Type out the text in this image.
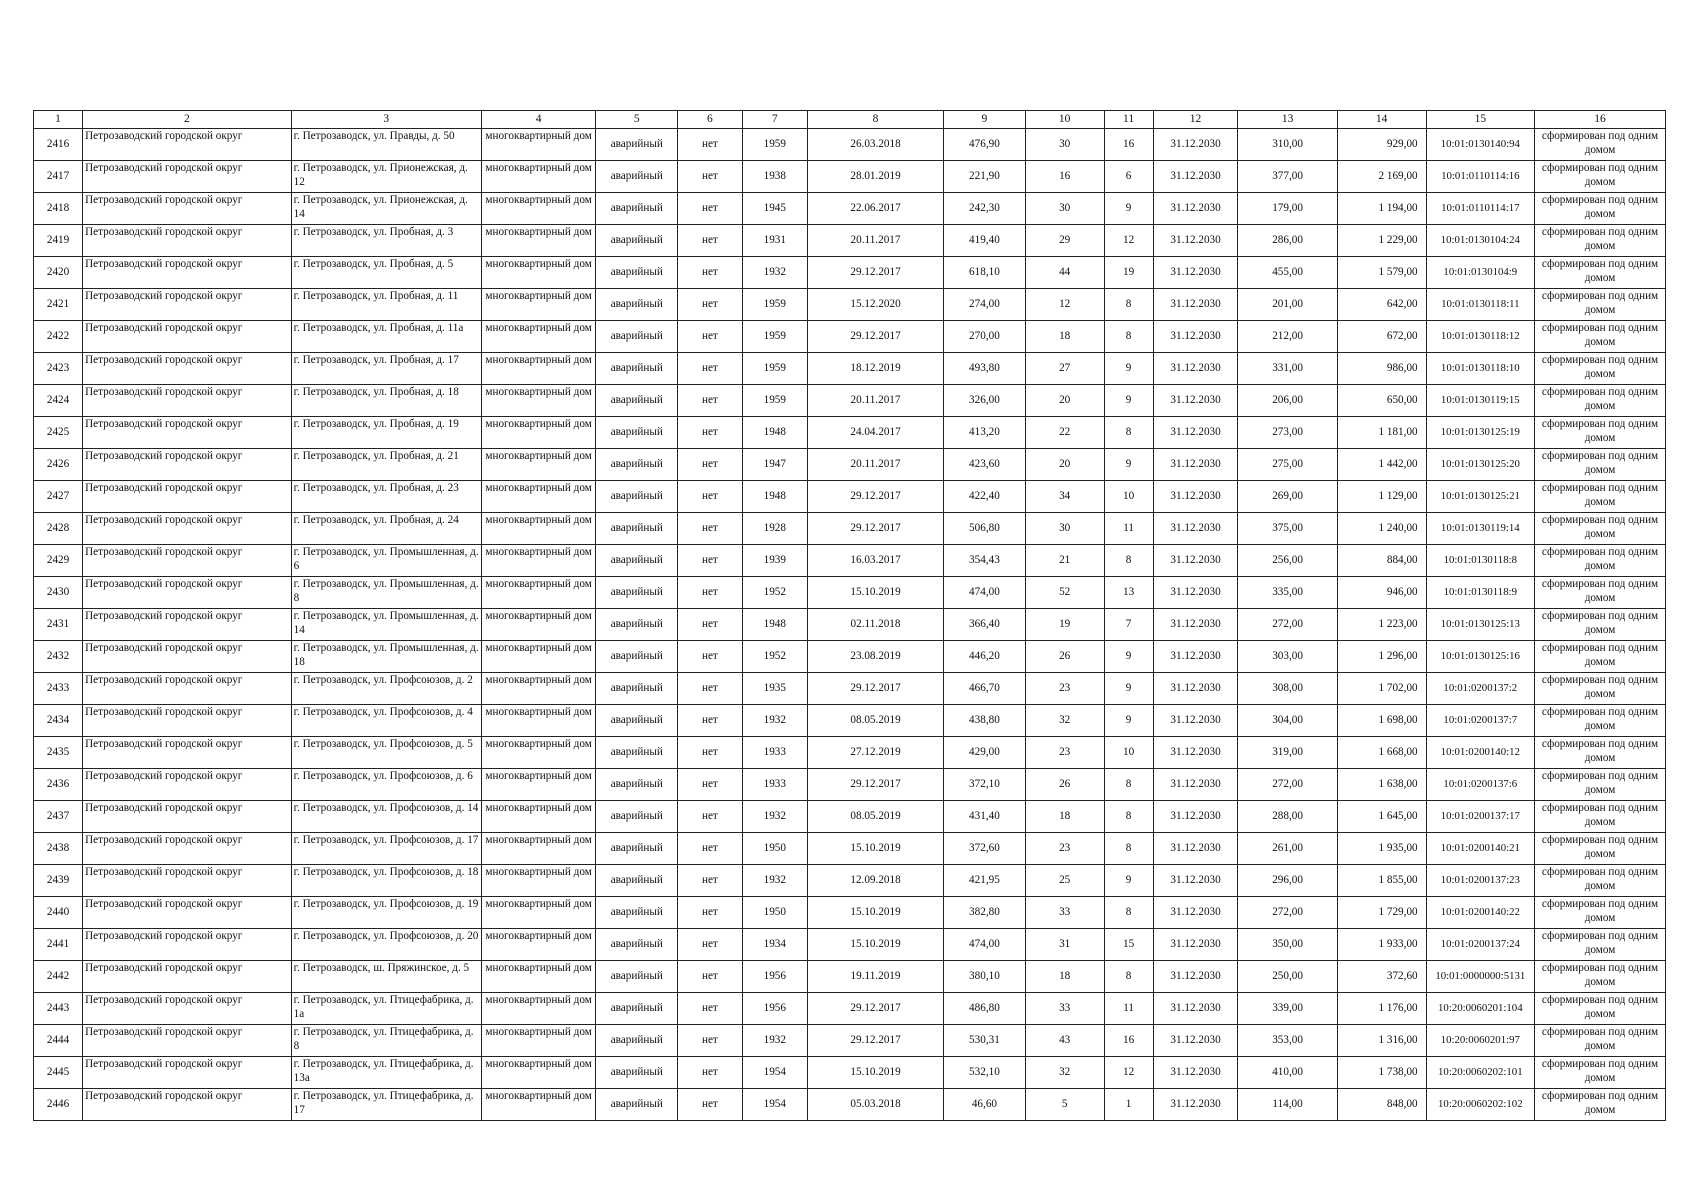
1	2	3	4	5	6	7	8	9	10	11	12	13	14	15	16
2416	Петрозаводский городской округ	г. Петрозаводск, ул. Правды, д. 50	многоквартирный дом	аварийный	нет	1959	26.03.2018	476,90	30	16	31.12.2030	310,00	929,00	10:01:0130140:94	сформирован под одним домом
2417	Петрозаводский городской округ	г. Петрозаводск, ул. Прионежская, д. 12	многоквартирный дом	аварийный	нет	1938	28.01.2019	221,90	16	6	31.12.2030	377,00	2 169,00	10:01:0110114:16	сформирован под одним домом
2418	Петрозаводский городской округ	г. Петрозаводск, ул. Прионежская, д. 14	многоквартирный дом	аварийный	нет	1945	22.06.2017	242,30	30	9	31.12.2030	179,00	1 194,00	10:01:0110114:17	сформирован под одним домом
2419	Петрозаводский городской округ	г. Петрозаводск, ул. Пробная, д. 3	многоквартирный дом	аварийный	нет	1931	20.11.2017	419,40	29	12	31.12.2030	286,00	1 229,00	10:01:0130104:24	сформирован под одним домом
2420	Петрозаводский городской округ	г. Петрозаводск, ул. Пробная, д. 5	многоквартирный дом	аварийный	нет	1932	29.12.2017	618,10	44	19	31.12.2030	455,00	1 579,00	10:01:0130104:9	сформирован под одним домом
2421	Петрозаводский городской округ	г. Петрозаводск, ул. Пробная, д. 11	многоквартирный дом	аварийный	нет	1959	15.12.2020	274,00	12	8	31.12.2030	201,00	642,00	10:01:0130118:11	сформирован под одним домом
2422	Петрозаводский городской округ	г. Петрозаводск, ул. Пробная, д. 11а	многоквартирный дом	аварийный	нет	1959	29.12.2017	270,00	18	8	31.12.2030	212,00	672,00	10:01:0130118:12	сформирован под одним домом
2423	Петрозаводский городской округ	г. Петрозаводск, ул. Пробная, д. 17	многоквартирный дом	аварийный	нет	1959	18.12.2019	493,80	27	9	31.12.2030	331,00	986,00	10:01:0130118:10	сформирован под одним домом
2424	Петрозаводский городской округ	г. Петрозаводск, ул. Пробная, д. 18	многоквартирный дом	аварийный	нет	1959	20.11.2017	326,00	20	9	31.12.2030	206,00	650,00	10:01:0130119:15	сформирован под одним домом
2425	Петрозаводский городской округ	г. Петрозаводск, ул. Пробная, д. 19	многоквартирный дом	аварийный	нет	1948	24.04.2017	413,20	22	8	31.12.2030	273,00	1 181,00	10:01:0130125:19	сформирован под одним домом
2426	Петрозаводский городской округ	г. Петрозаводск, ул. Пробная, д. 21	многоквартирный дом	аварийный	нет	1947	20.11.2017	423,60	20	9	31.12.2030	275,00	1 442,00	10:01:0130125:20	сформирован под одним домом
2427	Петрозаводский городской округ	г. Петрозаводск, ул. Пробная, д. 23	многоквартирный дом	аварийный	нет	1948	29.12.2017	422,40	34	10	31.12.2030	269,00	1 129,00	10:01:0130125:21	сформирован под одним домом
2428	Петрозаводский городской округ	г. Петрозаводск, ул. Пробная, д. 24	многоквартирный дом	аварийный	нет	1928	29.12.2017	506,80	30	11	31.12.2030	375,00	1 240,00	10:01:0130119:14	сформирован под одним домом
2429	Петрозаводский городской округ	г. Петрозаводск, ул. Промышленная, д. 6	многоквартирный дом	аварийный	нет	1939	16.03.2017	354,43	21	8	31.12.2030	256,00	884,00	10:01:0130118:8	сформирован под одним домом
2430	Петрозаводский городской округ	г. Петрозаводск, ул. Промышленная, д. 8	многоквартирный дом	аварийный	нет	1952	15.10.2019	474,00	52	13	31.12.2030	335,00	946,00	10:01:0130118:9	сформирован под одним домом
2431	Петрозаводский городской округ	г. Петрозаводск, ул. Промышленная, д. 14	многоквартирный дом	аварийный	нет	1948	02.11.2018	366,40	19	7	31.12.2030	272,00	1 223,00	10:01:0130125:13	сформирован под одним домом
2432	Петрозаводский городской округ	г. Петрозаводск, ул. Промышленная, д. 18	многоквартирный дом	аварийный	нет	1952	23.08.2019	446,20	26	9	31.12.2030	303,00	1 296,00	10:01:0130125:16	сформирован под одним домом
2433	Петрозаводский городской округ	г. Петрозаводск, ул. Профсоюзов, д. 2	многоквартирный дом	аварийный	нет	1935	29.12.2017	466,70	23	9	31.12.2030	308,00	1 702,00	10:01:0200137:2	сформирован под одним домом
2434	Петрозаводский городской округ	г. Петрозаводск, ул. Профсоюзов, д. 4	многоквартирный дом	аварийный	нет	1932	08.05.2019	438,80	32	9	31.12.2030	304,00	1 698,00	10:01:0200137:7	сформирован под одним домом
2435	Петрозаводский городской округ	г. Петрозаводск, ул. Профсоюзов, д. 5	многоквартирный дом	аварийный	нет	1933	27.12.2019	429,00	23	10	31.12.2030	319,00	1 668,00	10:01:0200140:12	сформирован под одним домом
2436	Петрозаводский городской округ	г. Петрозаводск, ул. Профсоюзов, д. 6	многоквартирный дом	аварийный	нет	1933	29.12.2017	372,10	26	8	31.12.2030	272,00	1 638,00	10:01:0200137:6	сформирован под одним домом
2437	Петрозаводский городской округ	г. Петрозаводск, ул. Профсоюзов, д. 14	многоквартирный дом	аварийный	нет	1932	08.05.2019	431,40	18	8	31.12.2030	288,00	1 645,00	10:01:0200137:17	сформирован под одним домом
2438	Петрозаводский городской округ	г. Петрозаводск, ул. Профсоюзов, д. 17	многоквартирный дом	аварийный	нет	1950	15.10.2019	372,60	23	8	31.12.2030	261,00	1 935,00	10:01:0200140:21	сформирован под одним домом
2439	Петрозаводский городской округ	г. Петрозаводск, ул. Профсоюзов, д. 18	многоквартирный дом	аварийный	нет	1932	12.09.2018	421,95	25	9	31.12.2030	296,00	1 855,00	10:01:0200137:23	сформирован под одним домом
2440	Петрозаводский городской округ	г. Петрозаводск, ул. Профсоюзов, д. 19	многоквартирный дом	аварийный	нет	1950	15.10.2019	382,80	33	8	31.12.2030	272,00	1 729,00	10:01:0200140:22	сформирован под одним домом
2441	Петрозаводский городской округ	г. Петрозаводск, ул. Профсоюзов, д. 20	многоквартирный дом	аварийный	нет	1934	15.10.2019	474,00	31	15	31.12.2030	350,00	1 933,00	10:01:0200137:24	сформирован под одним домом
2442	Петрозаводский городской округ	г. Петрозаводск, ш. Пряжинское, д. 5	многоквартирный дом	аварийный	нет	1956	19.11.2019	380,10	18	8	31.12.2030	250,00	372,60	10:01:0000000:5131	сформирован под одним домом
2443	Петрозаводский городской округ	г. Петрозаводск, ул. Птицефабрика, д. 1а	многоквартирный дом	аварийный	нет	1956	29.12.2017	486,80	33	11	31.12.2030	339,00	1 176,00	10:20:0060201:104	сформирован под одним домом
2444	Петрозаводский городской округ	г. Петрозаводск, ул. Птицефабрика, д. 8	многоквартирный дом	аварийный	нет	1932	29.12.2017	530,31	43	16	31.12.2030	353,00	1 316,00	10:20:0060201:97	сформирован под одним домом
2445	Петрозаводский городской округ	г. Петрозаводск, ул. Птицефабрика, д. 13а	многоквартирный дом	аварийный	нет	1954	15.10.2019	532,10	32	12	31.12.2030	410,00	1 738,00	10:20:0060202:101	сформирован под одним домом
2446	Петрозаводский городской округ	г. Петрозаводск, ул. Птицефабрика, д. 17	многоквартирный дом	аварийный	нет	1954	05.03.2018	46,60	5	1	31.12.2030	114,00	848,00	10:20:0060202:102	сформирован под одним домом
